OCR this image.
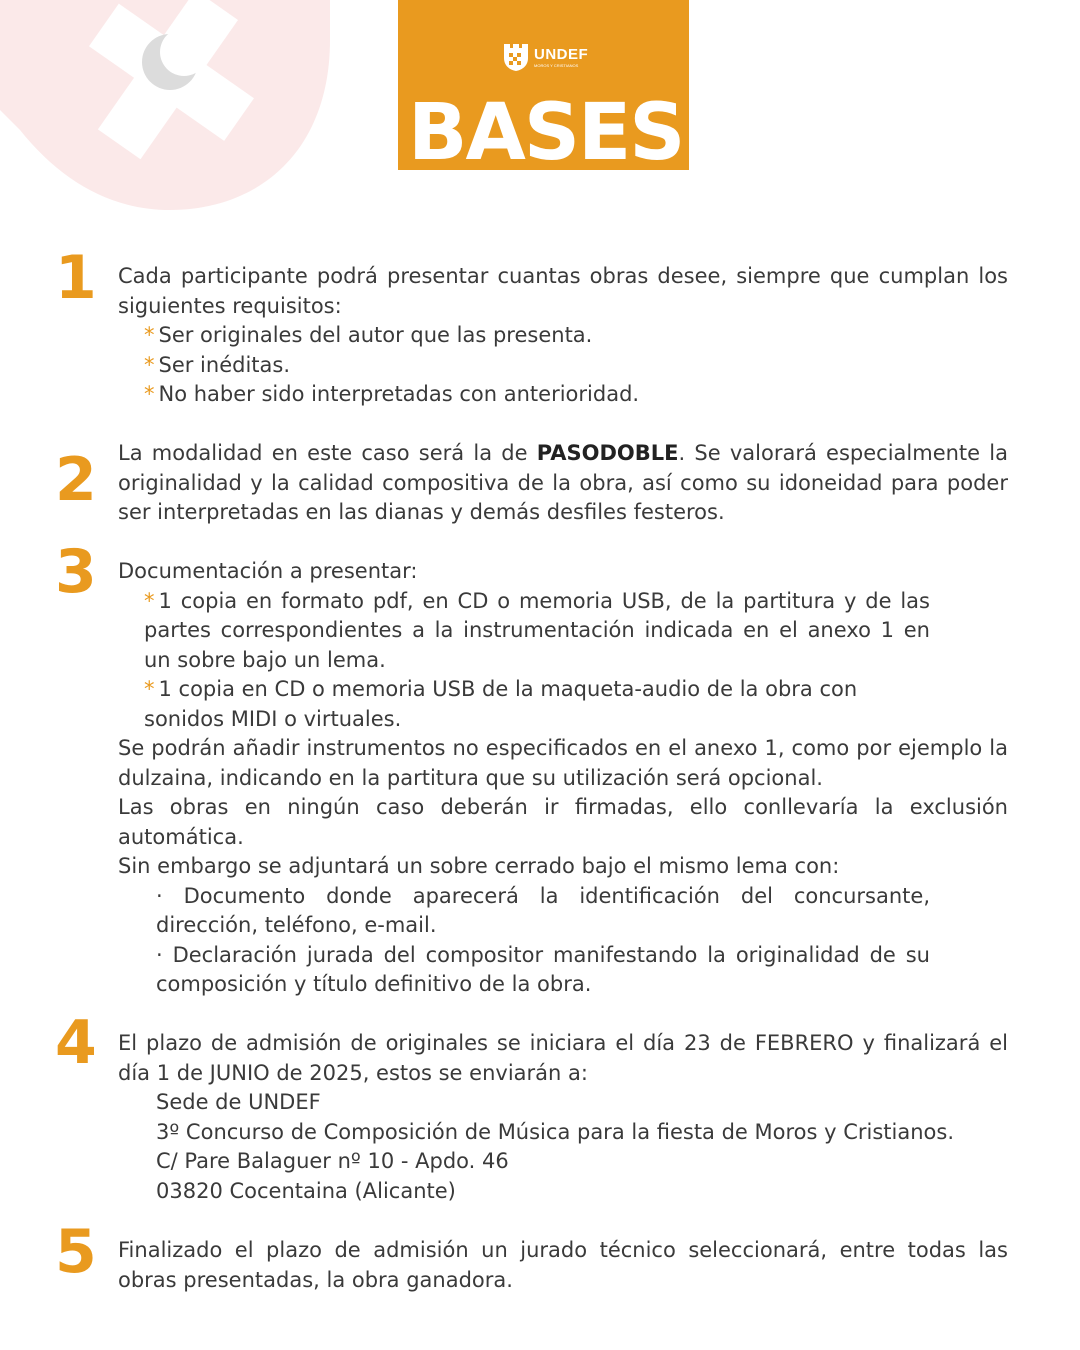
UNDEF
MOROS Y CRISTIANOS
BASES
1 Cada participante podrá presentar cuantas obras desee, siempre que cumplan los siguientes requisitos:

* Ser originales del autor que las presenta.
* Ser inéditas.
* No haber sido interpretadas con anterioridad.
2 La modalidad en este caso será la de PASODOBLE. Se valorará especialmente la originalidad y la calidad compositiva de la obra, así como su idoneidad para poder ser interpretadas en las dianas y demás desfiles festeros.

3 Documentación a presentar:

* 1 copia en formato pdf, en CD o memoria USB, de la partitura y de las partes correspondientes a la instrumentación indicada en el anexo 1 en un sobre bajo un lema.
* 1 copia en CD o memoria USB de la maqueta-audio de la obra con sonidos MIDI o virtuales.

Se podrán añadir instrumentos no especificados en el anexo 1, como por ejemplo la dulzaina, indicando en la partitura que su utilización será opcional.

Las obras en ningún caso deberán ir firmadas, ello conllevaría la exclusión automática.

Sin embargo se adjuntará un sobre cerrado bajo el mismo lema con:

· Documento donde aparecerá la identificación del concursante, dirección, teléfono, e-mail.
· Declaración jurada del compositor manifestando la originalidad de su composición y título definitivo de la obra.
4 El plazo de admisión de originales se iniciara el día 23 de FEBRERO y finalizará el día 1 de JUNIO de 2025, estos se enviarán a:

Sede de UNDEF
3º Concurso de Composición de Música para la fiesta de Moros y Cristianos.
C/ Pare Balaguer nº 10 - Apdo. 46
03820 Cocentaina (Alicante)
5 Finalizado el plazo de admisión un jurado técnico seleccionará, entre todas las obras presentadas, la obra ganadora.
